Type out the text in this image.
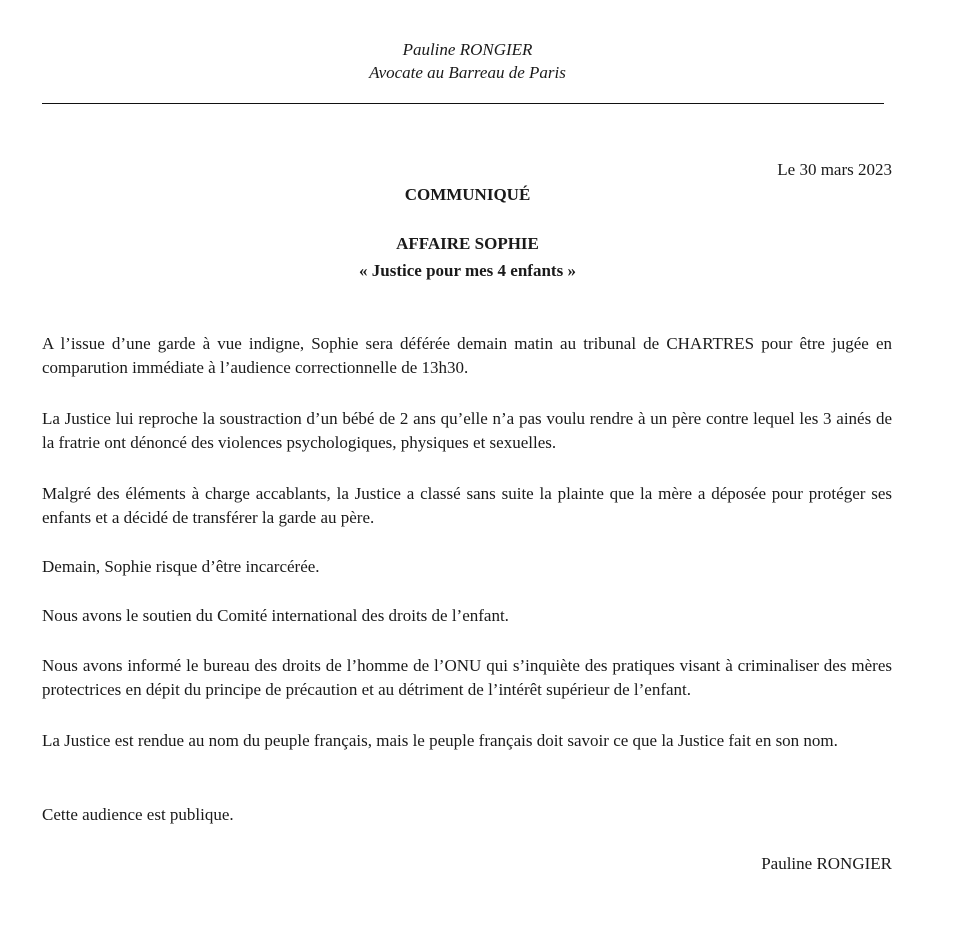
Pauline RONGIER
Avocate au Barreau de Paris
Le 30 mars 2023
COMMUNIQUÉ
AFFAIRE SOPHIE
« Justice pour mes 4 enfants »

A l’issue d’une garde à vue indigne, Sophie sera déférée demain matin au tribunal de CHARTRES pour être jugée en comparution immédiate à l’audience correctionnelle de 13h30.

La Justice lui reproche la soustraction d’un bébé de 2 ans qu’elle n’a pas voulu rendre à un père contre lequel les 3 ainés de la fratrie ont dénoncé des violences psychologiques, physiques et sexuelles.

Malgré des éléments à charge accablants, la Justice a classé sans suite la plainte que la mère a déposée pour protéger ses enfants et a décidé de transférer la garde au père.

Demain, Sophie risque d’être incarcérée.

Nous avons le soutien du Comité international des droits de l’enfant.

Nous avons informé le bureau des droits de l’homme de l’ONU qui s’inquiète des pratiques visant à criminaliser des mères protectrices en dépit du principe de précaution et au détriment de l’intérêt supérieur de l’enfant.

La Justice est rendue au nom du peuple français, mais le peuple français doit savoir ce que la Justice fait en son nom.

Cette audience est publique.

Pauline RONGIER
